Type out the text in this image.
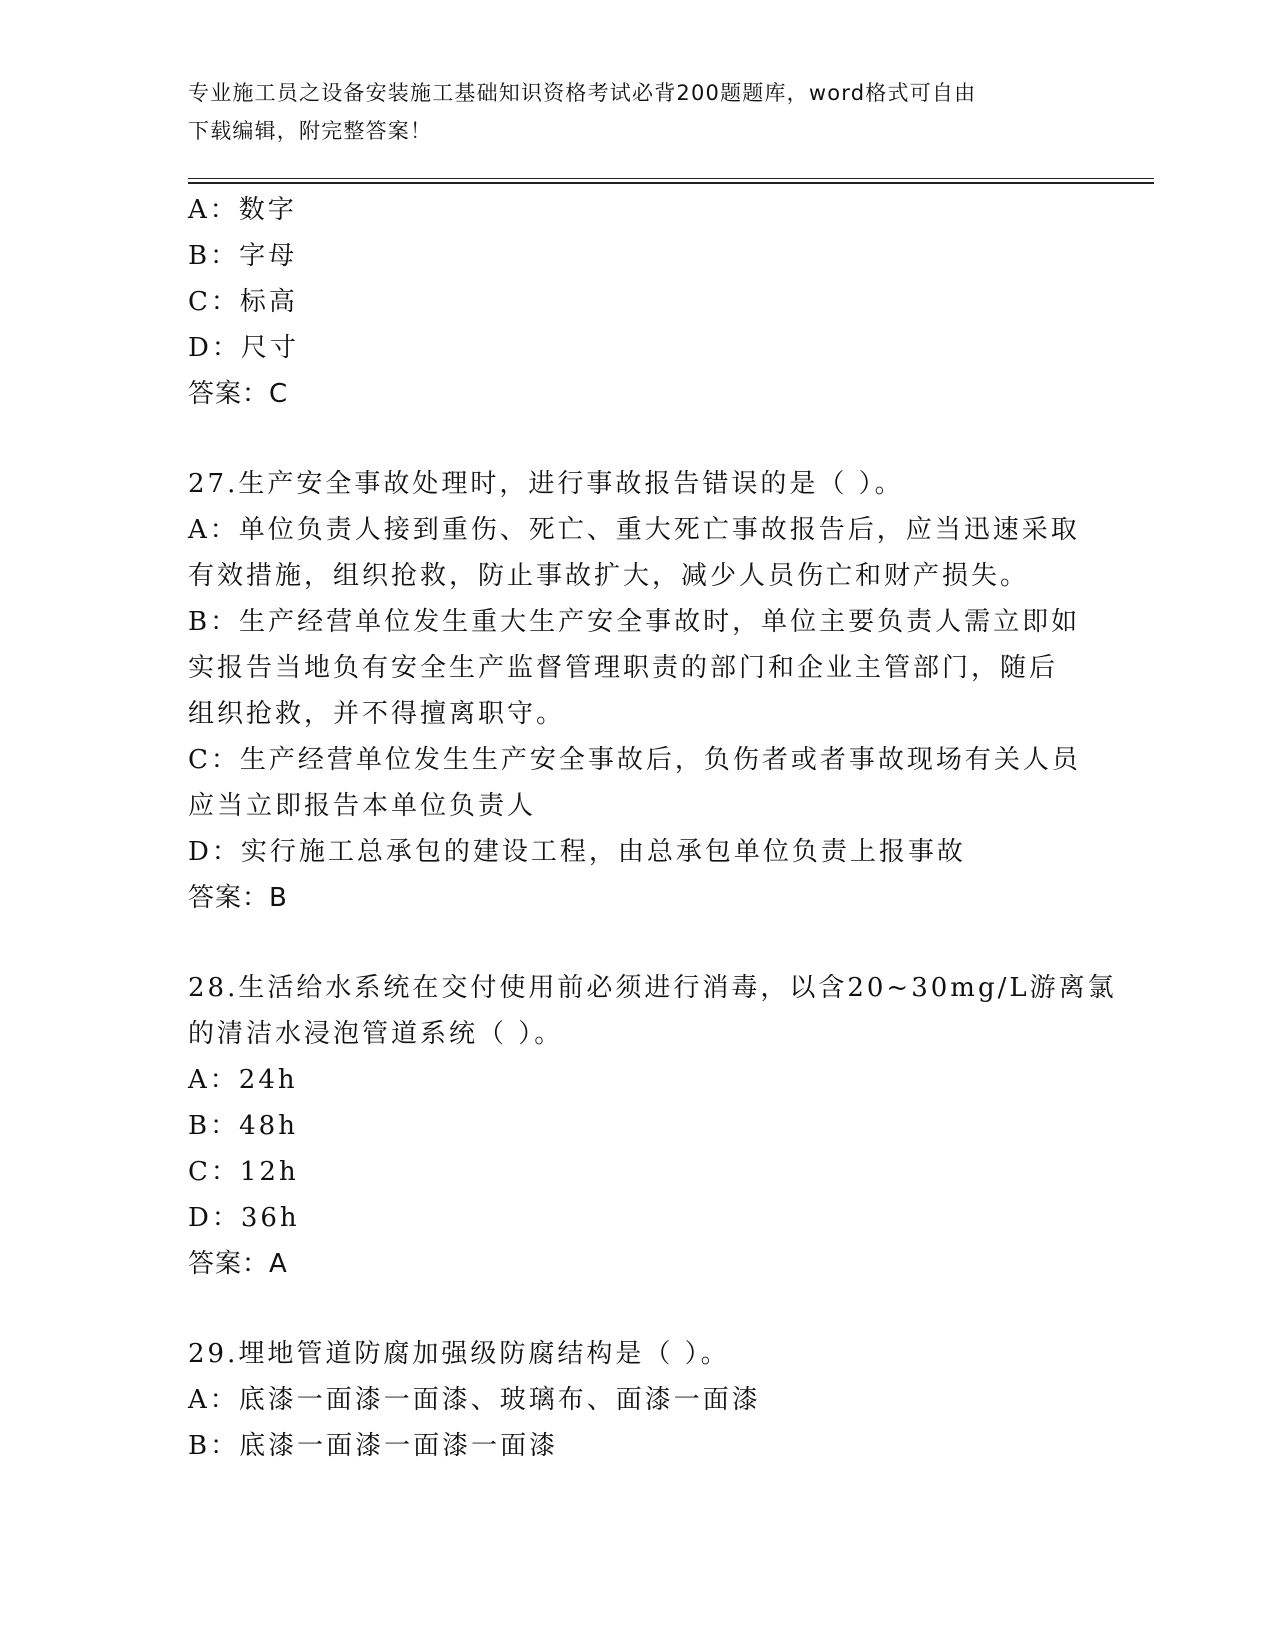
专业施工员之设备安装施工基础知识资格考试必背200题题库，word格式可自由
下载编辑，附完整答案！
A：数字
B：字母
C：标高
D：尺寸
答案：C
27.生产安全事故处理时，进行事故报告错误的是（ ）。
A：单位负责人接到重伤、死亡、重大死亡事故报告后，应当迅速采取
有效措施，组织抢救，防止事故扩大，减少人员伤亡和财产损失。
B：生产经营单位发生重大生产安全事故时，单位主要负责人需立即如
实报告当地负有安全生产监督管理职责的部门和企业主管部门，随后
组织抢救，并不得擅离职守。
C：生产经营单位发生生产安全事故后，负伤者或者事故现场有关人员
应当立即报告本单位负责人
D：实行施工总承包的建设工程，由总承包单位负责上报事故
答案：B
28.生活给水系统在交付使用前必须进行消毒，以含20~30mg/L游离氯
的清洁水浸泡管道系统（ ）。
A：24h
B：48h
C：12h
D：36h
答案：A
29.埋地管道防腐加强级防腐结构是（ ）。
A：底漆一面漆一面漆、玻璃布、面漆一面漆
B：底漆一面漆一面漆一面漆
